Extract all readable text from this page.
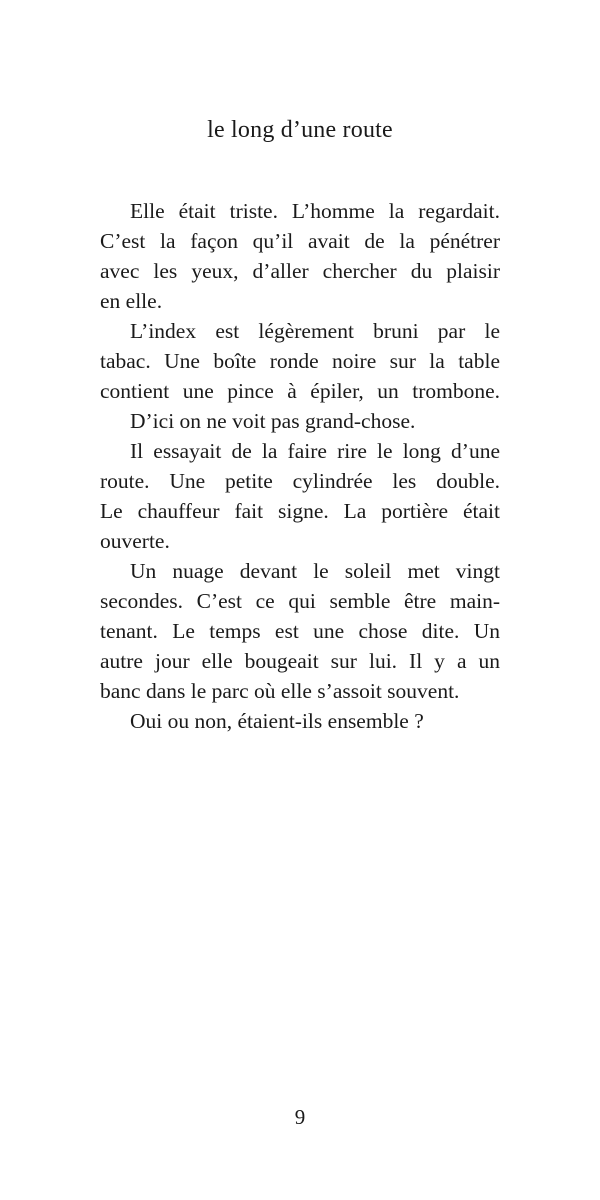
le long d’une route
Elle était triste. L’homme la regardait.
C’est la façon qu’il avait de la pénétrer
avec les yeux, d’aller chercher du plaisir
en elle.
L’index est légèrement bruni par le
tabac. Une boîte ronde noire sur la table
contient une pince à épiler, un trombone.
D’ici on ne voit pas grand-chose.
Il essayait de la faire rire le long d’une
route. Une petite cylindrée les double.
Le chauffeur fait signe. La portière était
ouverte.
Un nuage devant le soleil met vingt
secondes. C’est ce qui semble être main-
tenant. Le temps est une chose dite. Un
autre jour elle bougeait sur lui. Il y a un
banc dans le parc où elle s’assoit souvent.
Oui ou non, étaient-ils ensemble ?
9
